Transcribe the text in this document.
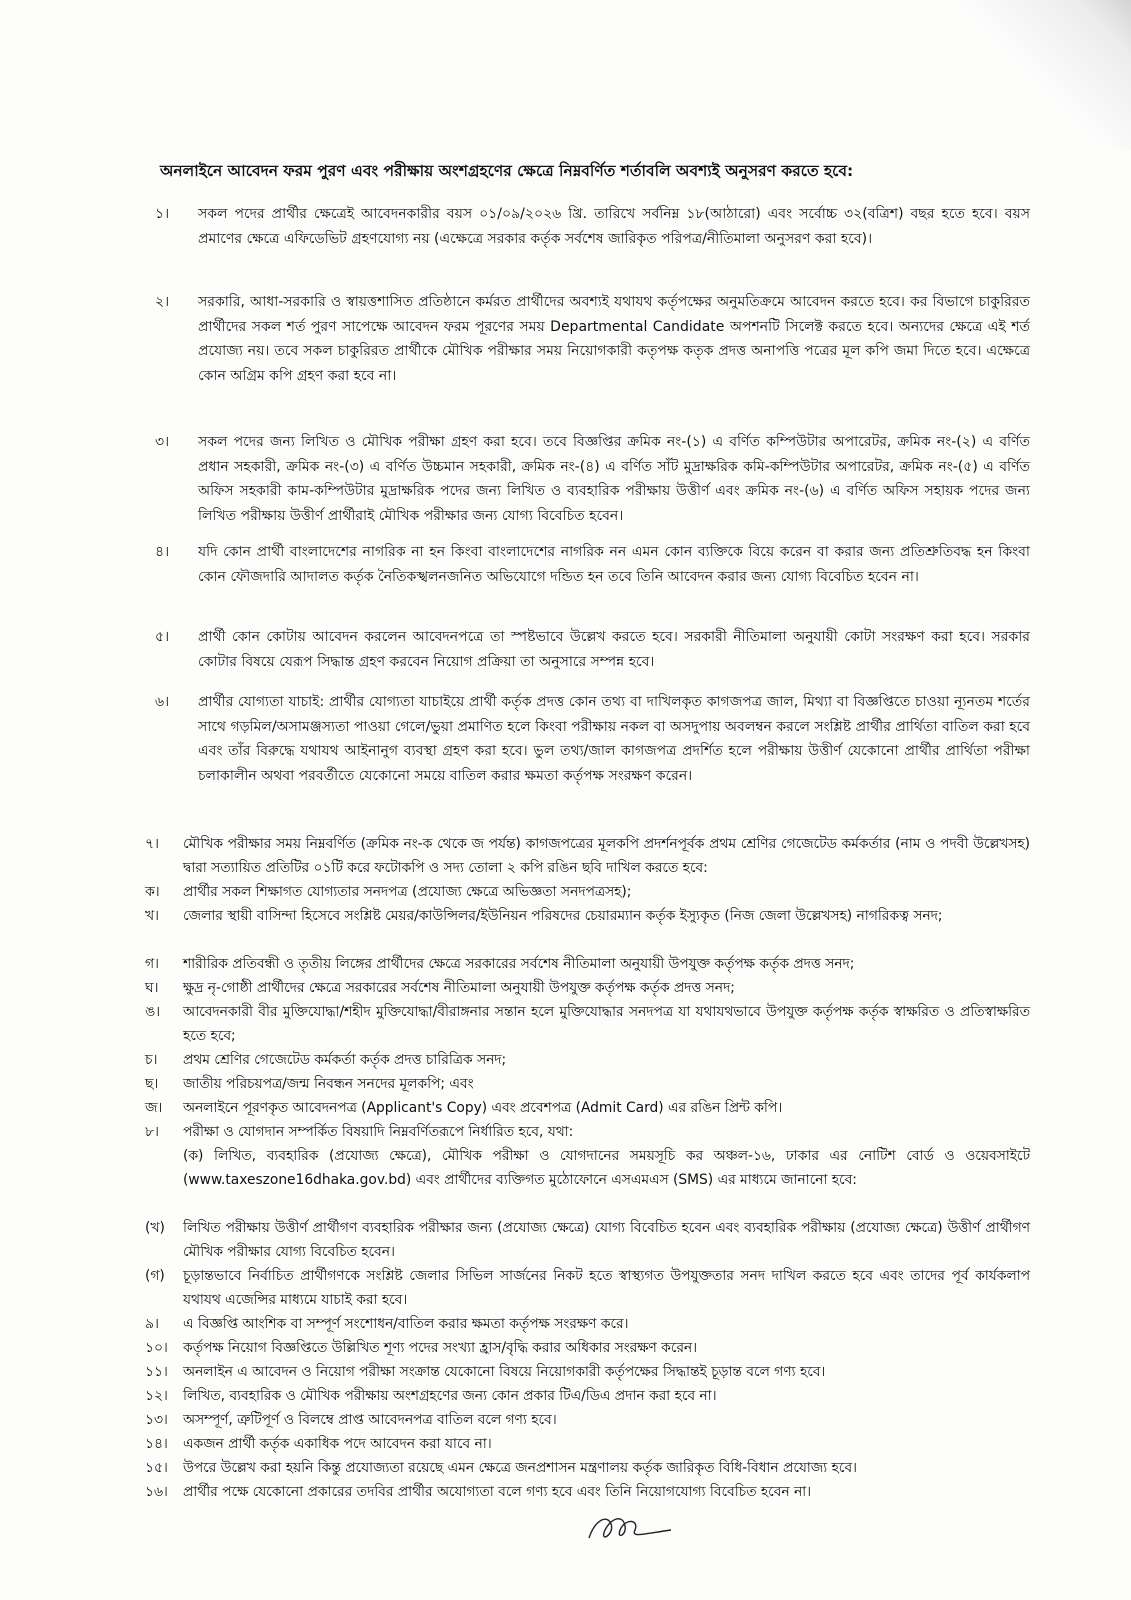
অনলাইনে আবেদন ফরম পুরণ এবং পরীক্ষায় অংশগ্রহণের ক্ষেত্রে নিম্নবর্ণিত শর্তাবলি অবশ্যই অনুসরণ করতে হবে:
১। সকল পদের প্রার্থীর ক্ষেত্রেই আবেদনকারীর বয়স ০১/০৯/২০২৬ খ্রি. তারিখে সর্বনিম্ন ১৮(আঠারো) এবং সর্বোচ্চ ৩২(বত্রিশ) বছর হতে হবে। বয়স প্রমাণের ক্ষেত্রে এফিডেভিট গ্রহণযোগ্য নয় (এক্ষেত্রে সরকার কর্তৃক সর্বশেষ জারিকৃত পরিপত্র/নীতিমালা অনুসরণ করা হবে)।
২। সরকারি, আধা-সরকারি ও স্বায়ত্তশাসিত প্রতিষ্ঠানে কর্মরত প্রার্থীদের অবশ্যই যথাযথ কর্তৃপক্ষের অনুমতিক্রমে আবেদন করতে হবে। কর বিভাগে চাকুরিরত প্রার্থীদের সকল শর্ত পুরণ সাপেক্ষে আবেদন ফরম পূরণের সময় Departmental Candidate অপশনটি সিলেক্ট করতে হবে। অন্যদের ক্ষেত্রে এই শর্ত প্রযোজ্য নয়। তবে সকল চাকুরিরত প্রার্থীকে মৌখিক পরীক্ষার সময় নিয়োগকারী কতৃপক্ষ কতৃক প্রদত্ত অনাপত্তি পত্রের মূল কপি জমা দিতে হবে। এক্ষেত্রে কোন অগ্রিম কপি গ্রহণ করা হবে না।
৩। সকল পদের জন্য লিখিত ও মৌখিক পরীক্ষা গ্রহণ করা হবে। তবে বিজ্ঞপ্তির ক্রমিক নং-(১) এ বর্ণিত কম্পিউটার অপারেটর, ক্রমিক নং-(২) এ বর্ণিত প্রধান সহকারী, ক্রমিক নং-(৩) এ বর্ণিত উচ্চমান সহকারী, ক্রমিক নং-(৪) এ বর্ণিত সাঁট মুদ্রাক্ষরিক কমি-কম্পিউটার অপারেটর, ক্রমিক নং-(৫) এ বর্ণিত অফিস সহকারী কাম-কম্পিউটার মুদ্রাক্ষরিক পদের জন্য লিখিত ও ব্যবহারিক পরীক্ষায় উত্তীর্ণ এবং ক্রমিক নং-(৬) এ বর্ণিত অফিস সহায়ক পদের জন্য লিখিত পরীক্ষায় উত্তীর্ণ প্রার্থীরাই মৌখিক পরীক্ষার জন্য যোগ্য বিবেচিত হবেন।
৪। যদি কোন প্রার্থী বাংলাদেশের নাগরিক না হন কিংবা বাংলাদেশের নাগরিক নন এমন কোন ব্যক্তিকে বিয়ে করেন বা করার জন্য প্রতিশ্রুতিবদ্ধ হন কিংবা কোন ফৌজদারি আদালত কর্তৃক নৈতিকস্খলনজনিত অভিযোগে দন্ডিত হন তবে তিনি আবেদন করার জন্য যোগ্য বিবেচিত হবেন না।
৫। প্রার্থী কোন কোটায় আবেদন করলেন আবেদনপত্রে তা স্পষ্টভাবে উল্লেখ করতে হবে। সরকারী নীতিমালা অনুযায়ী কোটা সংরক্ষণ করা হবে। সরকার কোটার বিষয়ে যেরূপ সিদ্ধান্ত গ্রহণ করবেন নিয়োগ প্রক্রিয়া তা অনুসারে সম্পন্ন হবে।
৬। প্রার্থীর যোগ্যতা যাচাই: প্রার্থীর যোগ্যতা যাচাইয়ে প্রার্থী কর্তৃক প্রদত্ত কোন তথ্য বা দাখিলকৃত কাগজপত্র জাল, মিথ্যা বা বিজ্ঞপ্তিতে চাওয়া ন্যূনতম শর্তের সাথে গড়মিল/অসামঞ্জস্যতা পাওয়া গেলে/ভুয়া প্রমাণিত হলে কিংবা পরীক্ষায় নকল বা অসদুপায় অবলম্বন করলে সংশ্লিষ্ট প্রার্থীর প্রার্থিতা বাতিল করা হবে এবং তাঁর বিরুদ্ধে যথাযথ আইনানুগ ব্যবস্থা গ্রহণ করা হবে। ভুল তথ্য/জাল কাগজপত্র প্রদর্শিত হলে পরীক্ষায় উত্তীর্ণ যেকোনো প্রার্থীর প্রার্থিতা পরীক্ষা চলাকালীন অথবা পরবর্তীতে যেকোনো সময়ে বাতিল করার ক্ষমতা কর্তৃপক্ষ সংরক্ষণ করেন।
৭। মৌখিক পরীক্ষার সময় নিম্নবর্ণিত (ক্রমিক নং-ক থেকে জ পর্যন্ত) কাগজপত্রের মূলকপি প্রদর্শনপূর্বক প্রথম শ্রেণির গেজেটেড কর্মকর্তার (নাম ও পদবী উল্লেখসহ) দ্বারা সত্যায়িত প্রতিটির ০১টি করে ফটোকপি ও সদ্য তোলা ২ কপি রঙিন ছবি দাখিল করতে হবে:
ক। প্রার্থীর সকল শিক্ষাগত যোগ্যতার সনদপত্র (প্রযোজ্য ক্ষেত্রে অভিজ্ঞতা সনদপত্রসহ);
খ। জেলার স্থায়ী বাসিন্দা হিসেবে সংশ্লিষ্ট মেয়র/কাউন্সিলর/ইউনিয়ন পরিষদের চেয়ারম্যান কর্তৃক ইস্যুকৃত (নিজ জেলা উল্লেখসহ) নাগরিকত্ব সনদ;
গ। শারীরিক প্রতিবন্ধী ও তৃতীয় লিঙ্গের প্রার্থীদের ক্ষেত্রে সরকারের সর্বশেষ নীতিমালা অনুযায়ী উপযুক্ত কর্তৃপক্ষ কর্তৃক প্রদত্ত সনদ;
ঘ। ক্ষুদ্র নৃ-গোষ্ঠী প্রার্থীদের ক্ষেত্রে সরকারের সর্বশেষ নীতিমালা অনুযায়ী উপযুক্ত কর্তৃপক্ষ কর্তৃক প্রদত্ত সনদ;
ঙ। আবেদনকারী বীর মুক্তিযোদ্ধা/শহীদ মুক্তিযোদ্ধা/বীরাঙ্গনার সন্তান হলে মুক্তিযোদ্ধার সনদপত্র যা যথাযথভাবে উপযুক্ত কর্তৃপক্ষ কর্তৃক স্বাক্ষরিত ও প্রতিস্বাক্ষরিত হতে হবে;
চ। প্রথম শ্রেণির গেজেটেড কর্মকর্তা কর্তৃক প্রদত্ত চারিত্রিক সনদ;
ছ। জাতীয় পরিচয়পত্র/জন্ম নিবন্ধন সনদের মূলকপি; এবং
জ। অনলাইনে পূরণকৃত আবেদনপত্র (Applicant's Copy) এবং প্রবেশপত্র (Admit Card) এর রঙিন প্রিন্ট কপি।
৮। পরীক্ষা ও যোগদান সম্পর্কিত বিষয়াদি নিম্নবর্ণিতরূপে নির্ধারিত হবে, যথা:
(ক) লিখিত, ব্যবহারিক (প্রযোজ্য ক্ষেত্রে), মৌখিক পরীক্ষা ও যোগদানের সময়সূচি কর অঞ্চল-১৬, ঢাকার এর নোটিশ বোর্ড ও ওয়েবসাইটে (www.taxeszone16dhaka.gov.bd) এবং প্রার্থীদের ব্যক্তিগত মুঠোফোনে এসএমএস (SMS) এর মাধ্যমে জানানো হবে:
(খ) লিখিত পরীক্ষায় উত্তীর্ণ প্রার্থীগণ ব্যবহারিক পরীক্ষার জন্য (প্রযোজ্য ক্ষেত্রে) যোগ্য বিবেচিত হবেন এবং ব্যবহারিক পরীক্ষায় (প্রযোজ্য ক্ষেত্রে) উত্তীর্ণ প্রার্থীগণ মৌখিক পরীক্ষার যোগ্য বিবেচিত হবেন।
(গ) চূড়ান্তভাবে নির্বাচিত প্রার্থীগণকে সংশ্লিষ্ট জেলার সিভিল সার্জনের নিকট হতে স্বাস্থ্যগত উপযুক্ততার সনদ দাখিল করতে হবে এবং তাদের পূর্ব কার্যকলাপ যথাযথ এজেন্সির মাধ্যমে যাচাই করা হবে।
৯। এ বিজ্ঞপ্তি আংশিক বা সম্পূর্ণ সংশোধন/বাতিল করার ক্ষমতা কর্তৃপক্ষ সংরক্ষণ করে।
১০। কর্তৃপক্ষ নিয়োগ বিজ্ঞপ্তিতে উল্লিখিত শূণ্য পদের সংখ্যা হ্রাস/বৃদ্ধি করার অধিকার সংরক্ষণ করেন।
১১। অনলাইন এ আবেদন ও নিয়োগ পরীক্ষা সংক্রান্ত যেকোনো বিষয়ে নিয়োগকারী কর্তৃপক্ষের সিদ্ধান্তই চূড়ান্ত বলে গণ্য হবে।
১২। লিখিত, ব্যবহারিক ও মৌখিক পরীক্ষায় অংশগ্রহণের জন্য কোন প্রকার টিএ/ডিএ প্রদান করা হবে না।
১৩। অসম্পূর্ণ, ত্রুটিপূর্ণ ও বিলম্বে প্রাপ্ত আবেদনপত্র বাতিল বলে গণ্য হবে।
১৪। একজন প্রার্থী কর্তৃক একাধিক পদে আবেদন করা যাবে না।
১৫। উপরে উল্লেখ করা হয়নি কিন্তু প্রযোজ্যতা রয়েছে এমন ক্ষেত্রে জনপ্রশাসন মন্ত্রণালয় কর্তৃক জারিকৃত বিধি-বিধান প্রযোজ্য হবে।
১৬। প্রার্থীর পক্ষে যেকোনো প্রকারের তদবির প্রার্থীর অযোগ্যতা বলে গণ্য হবে এবং তিনি নিয়োগযোগ্য বিবেচিত হবেন না।
